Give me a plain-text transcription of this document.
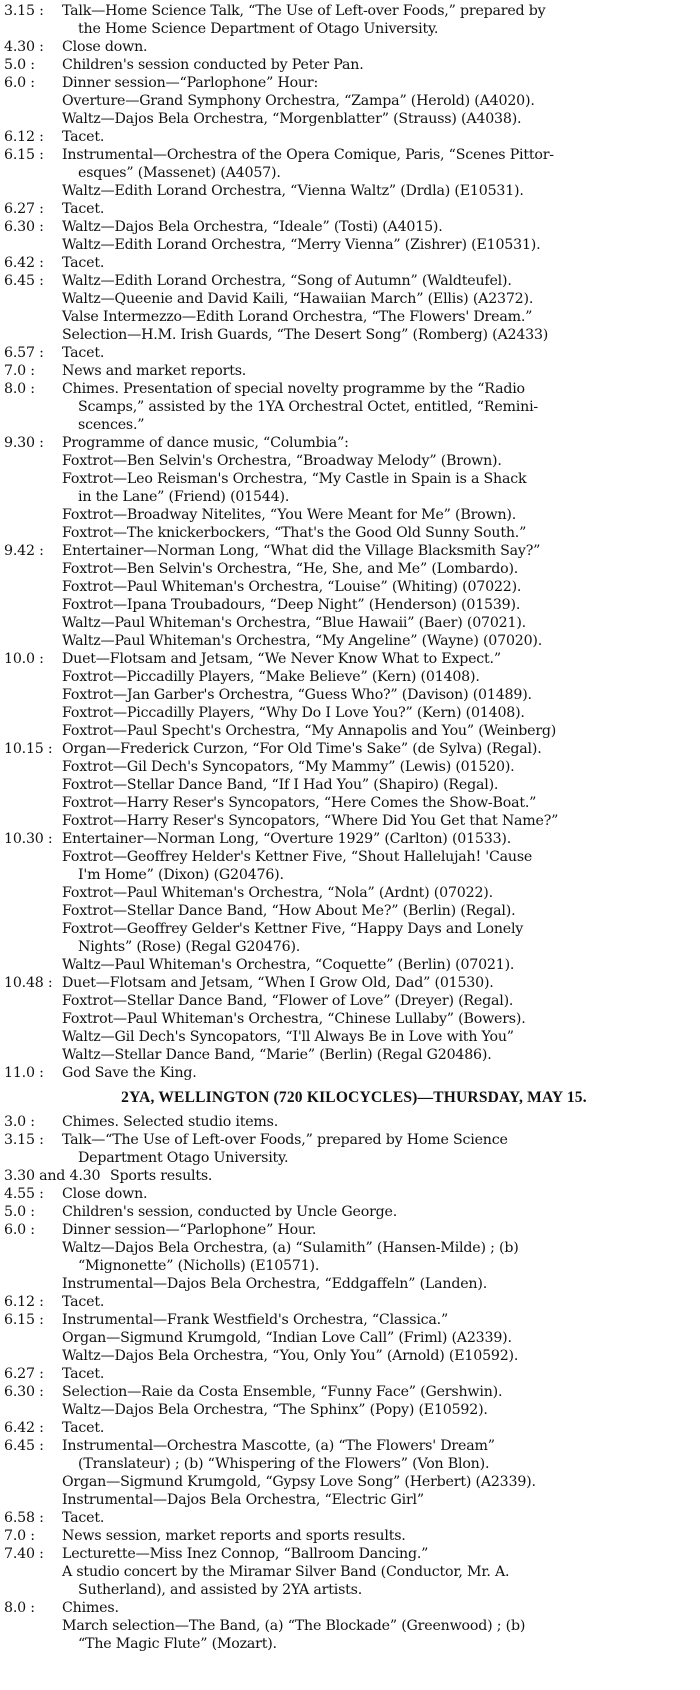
3.15 :	Talk—Home Science Talk, “The Use of Left-over Foods,” prepared by
the Home Science Department of Otago University.
4.30 :	Close down.
5.0 :	Children's session conducted by Peter Pan.
6.0 :	Dinner session—“Parlophone” Hour:
Overture—Grand Symphony Orchestra, “Zampa” (Herold) (A4020).
Waltz—Dajos Bela Orchestra, “Morgenblatter” (Strauss) (A4038).
6.12 :	Tacet.
6.15 :	Instrumental—Orchestra of the Opera Comique, Paris, “Scenes Pittor-
esques” (Massenet) (A4057).
Waltz—Edith Lorand Orchestra, “Vienna Waltz” (Drdla) (E10531).
6.27 :	Tacet.
6.30 :	Waltz—Dajos Bela Orchestra, “Ideale” (Tosti) (A4015).
Waltz—Edith Lorand Orchestra, “Merry Vienna” (Zishrer) (E10531).
6.42 :	Tacet.
6.45 :	Waltz—Edith Lorand Orchestra, “Song of Autumn” (Waldteufel).
Waltz—Queenie and David Kaili, “Hawaiian March” (Ellis) (A2372).
Valse Intermezzo—Edith Lorand Orchestra, “The Flowers' Dream.”
Selection—H.M. Irish Guards, “The Desert Song” (Romberg) (A2433)
6.57 :	Tacet.
7.0 :	News and market reports.
8.0 :	Chimes. Presentation of special novelty programme by the “Radio
Scamps,” assisted by the 1YA Orchestral Octet, entitled, “Remini-
scences.”
9.30 :	Programme of dance music, “Columbia”:
Foxtrot—Ben Selvin's Orchestra, “Broadway Melody” (Brown).
Foxtrot—Leo Reisman's Orchestra, “My Castle in Spain is a Shack
in the Lane” (Friend) (01544).
Foxtrot—Broadway Nitelites, “You Were Meant for Me” (Brown).
Foxtrot—The knickerbockers, “That's the Good Old Sunny South.”
9.42 :	Entertainer—Norman Long, “What did the Village Blacksmith Say?”
Foxtrot—Ben Selvin's Orchestra, “He, She, and Me” (Lombardo).
Foxtrot—Paul Whiteman's Orchestra, “Louise” (Whiting) (07022).
Foxtrot—Ipana Troubadours, “Deep Night” (Henderson) (01539).
Waltz—Paul Whiteman's Orchestra, “Blue Hawaii” (Baer) (07021).
Waltz—Paul Whiteman's Orchestra, “My Angeline” (Wayne) (07020).
10.0 :	Duet—Flotsam and Jetsam, “We Never Know What to Expect.”
Foxtrot—Piccadilly Players, “Make Believe” (Kern) (01408).
Foxtrot—Jan Garber's Orchestra, “Guess Who?” (Davison) (01489).
Foxtrot—Piccadilly Players, “Why Do I Love You?” (Kern) (01408).
Foxtrot—Paul Specht's Orchestra, “My Annapolis and You” (Weinberg)
10.15 : Organ—Frederick Curzon, “For Old Time's Sake” (de Sylva) (Regal).
Foxtrot—Gil Dech's Syncopators, “My Mammy” (Lewis) (01520).
Foxtrot—Stellar Dance Band, “If I Had You” (Shapiro) (Regal).
Foxtrot—Harry Reser's Syncopators, “Here Comes the Show-Boat.”
Foxtrot—Harry Reser's Syncopators, “Where Did You Get that Name?”
10.30 : Entertainer—Norman Long, “Overture 1929” (Carlton) (01533).
Foxtrot—Geoffrey Helder's Kettner Five, “Shout Hallelujah! 'Cause
I'm Home” (Dixon) (G20476).
Foxtrot—Paul Whiteman's Orchestra, “Nola” (Ardnt) (07022).
Foxtrot—Stellar Dance Band, “How About Me?” (Berlin) (Regal).
Foxtrot—Geoffrey Gelder's Kettner Five, “Happy Days and Lonely
Nights” (Rose) (Regal G20476).
Waltz—Paul Whiteman's Orchestra, “Coquette” (Berlin) (07021).
10.48 : Duet—Flotsam and Jetsam, “When I Grow Old, Dad” (01530).
Foxtrot—Stellar Dance Band, “Flower of Love” (Dreyer) (Regal).
Foxtrot—Paul Whiteman's Orchestra, “Chinese Lullaby” (Bowers).
Waltz—Gil Dech's Syncopators, “I'll Always Be in Love with You”
Waltz—Stellar Dance Band, “Marie” (Berlin) (Regal G20486).
11.0 :	God Save the King.
2YA, WELLINGTON (720 KILOCYCLES)—THURSDAY, MAY 15.
3.0 :	Chimes. Selected studio items.
3.15 :	Talk—“The Use of Left-over Foods,” prepared by Home Science
Department Otago University.
3.30 and 4.30 Sports results.
4.55 :	Close down.
5.0 :	Children's session, conducted by Uncle George.
6.0 :	Dinner session—“Parlophone” Hour.
Waltz—Dajos Bela Orchestra, (a) “Sulamith” (Hansen-Milde) ; (b)
“Mignonette” (Nicholls) (E10571).
Instrumental—Dajos Bela Orchestra, “Eddgaffeln” (Landen).
6.12 :	Tacet.
6.15 :	Instrumental—Frank Westfield's Orchestra, “Classica.”
Organ—Sigmund Krumgold, “Indian Love Call” (Friml) (A2339).
Waltz—Dajos Bela Orchestra, “You, Only You” (Arnold) (E10592).
6.27 :	Tacet.
6.30 :	Selection—Raie da Costa Ensemble, “Funny Face” (Gershwin).
Waltz—Dajos Bela Orchestra, “The Sphinx” (Popy) (E10592).
6.42 :	Tacet.
6.45 :	Instrumental—Orchestra Mascotte, (a) “The Flowers' Dream”
(Translateur) ; (b) “Whispering of the Flowers” (Von Blon).
Organ—Sigmund Krumgold, “Gypsy Love Song” (Herbert) (A2339).
Instrumental—Dajos Bela Orchestra, “Electric Girl”
6.58 :	Tacet.
7.0 :	News session, market reports and sports results.
7.40 :	Lecturette—Miss Inez Connop, “Ballroom Dancing.”
A studio concert by the Miramar Silver Band (Conductor, Mr. A.
Sutherland), and assisted by 2YA artists.
8.0 :	Chimes.
March selection—The Band, (a) “The Blockade” (Greenwood) ; (b)
“The Magic Flute” (Mozart).
